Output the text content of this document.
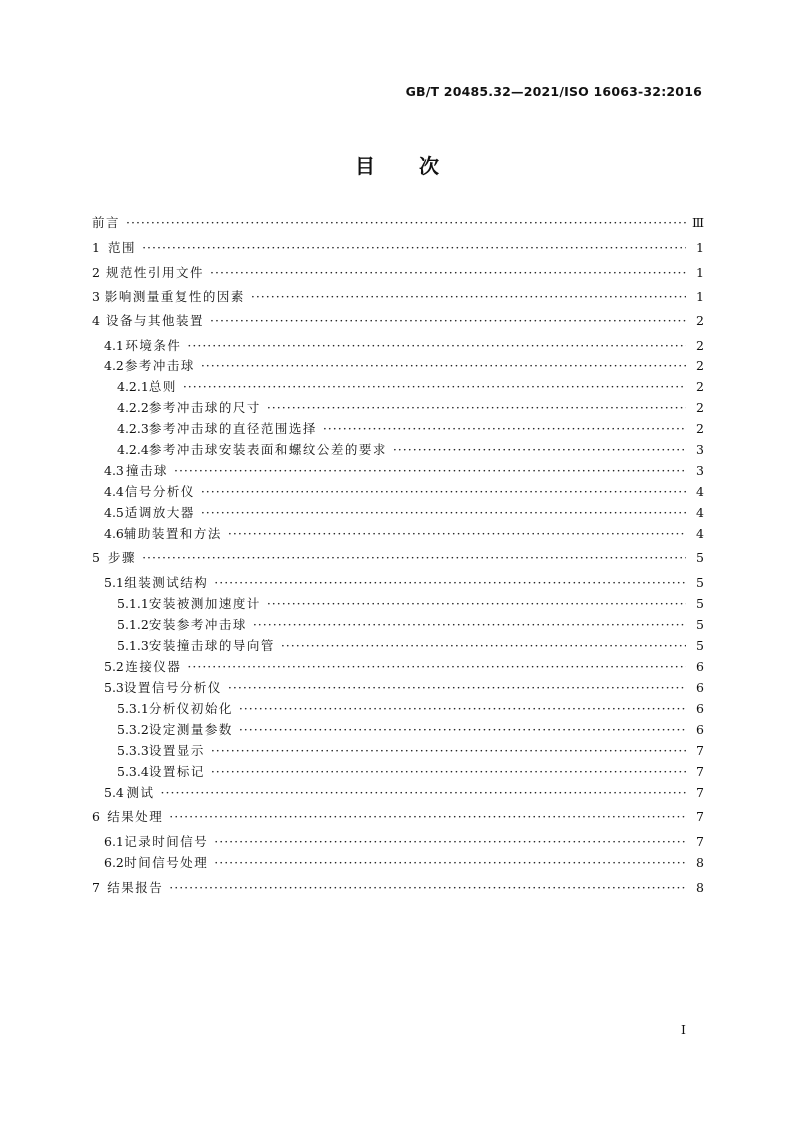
GB/T 20485.32—2021/ISO 16063-32:2016
目 次
前言 ·····	Ⅲ
1 范围 ·····	1
2 规范性引用文件 ·····	1
3 影响测量重复性的因素 ·····	1
4 设备与其他装置 ·····	2
4.1 环境条件 ·····	2
4.2 参考冲击球 ·····	2
4.2.1 总则 ·····	2
4.2.2 参考冲击球的尺寸 ·····	2
4.2.3 参考冲击球的直径范围选择 ·····	2
4.2.4 参考冲击球安装表面和螺纹公差的要求 ·····	3
4.3 撞击球 ·····	3
4.4 信号分析仪 ·····	4
4.5 适调放大器 ·····	4
4.6 辅助装置和方法 ·····	4
5 步骤 ·····	5
5.1 组装测试结构 ·····	5
5.1.1 安装被测加速度计 ·····	5
5.1.2 安装参考冲击球 ·····	5
5.1.3 安装撞击球的导向管 ·····	5
5.2 连接仪器 ·····	6
5.3 设置信号分析仪 ·····	6
5.3.1 分析仪初始化 ·····	6
5.3.2 设定测量参数 ·····	6
5.3.3 设置显示 ·····	7
5.3.4 设置标记 ·····	7
5.4 测试 ·····	7
6 结果处理 ·····	7
6.1 记录时间信号 ·····	7
6.2 时间信号处理 ·····	8
7 结果报告 ·····	8
I
